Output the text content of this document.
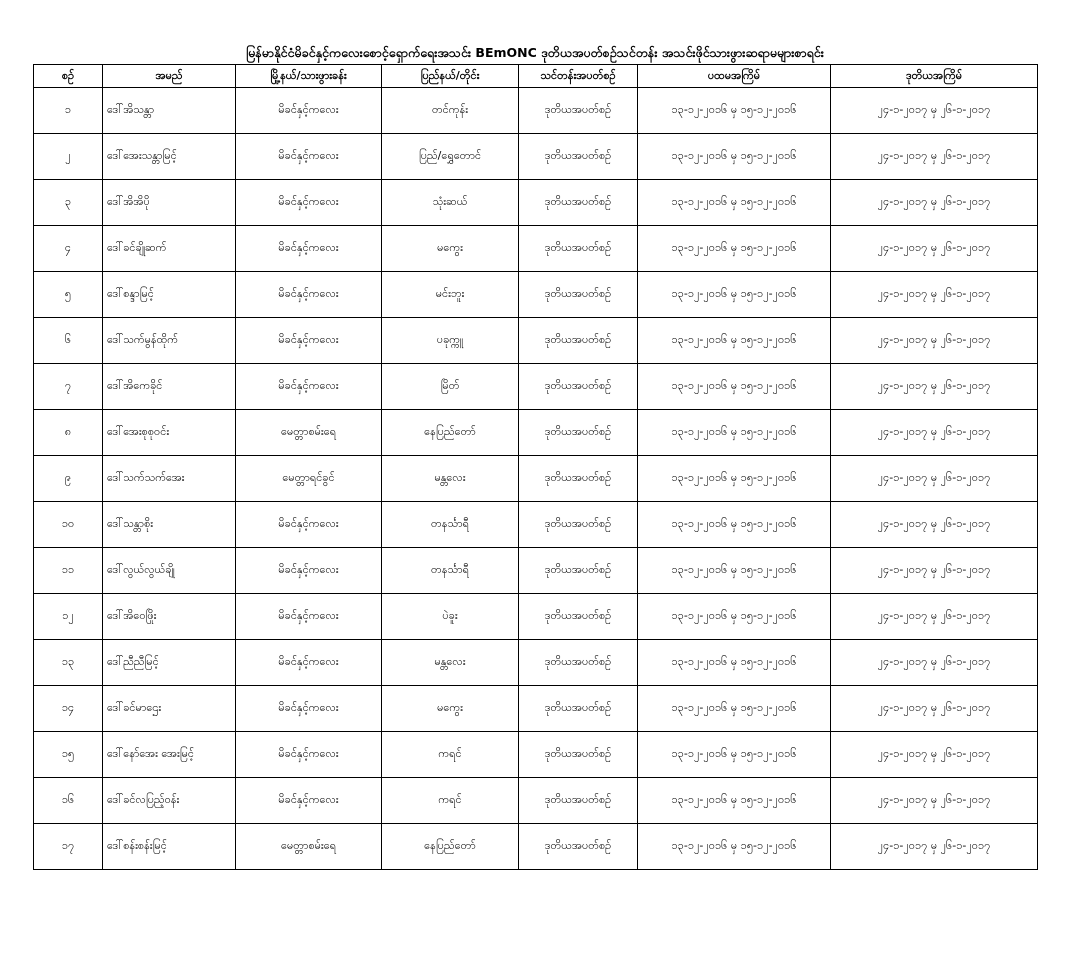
မြန်မာနိုင်ငံမိခင်နှင့်ကလေးစောင့်ရှောက်ရေးအသင်း BEmONC ဒုတိယအပတ်စဉ်သင်တန်း အသင်းဖိုင်သားဖွားဆရာမများစာရင်း
စဉ်	အမည်	မြို့နယ်/သားဖွားခန်း	ပြည်နယ်/တိုင်း	သင်တန်းအပတ်စဉ်	ပထမအကြိမ်	ဒုတိယအကြိမ်
၁	ဒေါ်အိသန္တာ	မိခင်နှင့်ကလေး	တင်ကုန်း	ဒုတိယအပတ်စဉ်	၁၃-၁၂-၂၀၁၆ မှ ၁၅-၁၂-၂၀၁၆	၂၄-၁-၂၀၁၇ မှ ၂၆-၁-၂၀၁၇
၂	ဒေါ်အေးသန္တာမြင့်	မိခင်နှင့်ကလေး	ပြည်/ရွှေတောင်	ဒုတိယအပတ်စဉ်	၁၃-၁၂-၂၀၁၆ မှ ၁၅-၁၂-၂၀၁၆	၂၄-၁-၂၀၁၇ မှ ၂၆-၁-၂၀၁၇
၃	ဒေါ်အိအိပို	မိခင်နှင့်ကလေး	သုံးဆယ်	ဒုတိယအပတ်စဉ်	၁၃-၁၂-၂၀၁၆ မှ ၁၅-၁၂-၂၀၁၆	၂၄-၁-၂၀၁၇ မှ ၂၆-၁-၂၀၁၇
၄	ဒေါ်ခင်ချိုဆက်	မိခင်နှင့်ကလေး	မကွေး	ဒုတိယအပတ်စဉ်	၁၃-၁၂-၂၀၁၆ မှ ၁၅-၁၂-၂၀၁၆	၂၄-၁-၂၀၁၇ မှ ၂၆-၁-၂၀၁၇
၅	ဒေါ်စန္ဒာမြင့်	မိခင်နှင့်ကလေး	မင်းဘူး	ဒုတိယအပတ်စဉ်	၁၃-၁၂-၂၀၁၆ မှ ၁၅-၁၂-၂၀၁၆	၂၄-၁-၂၀၁၇ မှ ၂၆-၁-၂၀၁၇
၆	ဒေါ်သက်မွန်ထိုက်	မိခင်နှင့်ကလေး	ပခုက္ကူ	ဒုတိယအပတ်စဉ်	၁၃-၁၂-၂၀၁၆ မှ ၁၅-၁၂-၂၀၁၆	၂၄-၁-၂၀၁၇ မှ ၂၆-၁-၂၀၁၇
၇	ဒေါ်အိကေခိုင်	မိခင်နှင့်ကလေး	မြိတ်	ဒုတိယအပတ်စဉ်	၁၃-၁၂-၂၀၁၆ မှ ၁၅-၁၂-၂၀၁၆	၂၄-၁-၂၀၁၇ မှ ၂၆-၁-၂၀၁၇
၈	ဒေါ်အေးစုစုဝင်း	မေတ္တာစမ်းရေ	နေပြည်တော်	ဒုတိယအပတ်စဉ်	၁၃-၁၂-၂၀၁၆ မှ ၁၅-၁၂-၂၀၁၆	၂၄-၁-၂၀၁၇ မှ ၂၆-၁-၂၀၁၇
၉	ဒေါ်သက်သက်အေး	မေတ္တာရင်ခွင်	မန္တလေး	ဒုတိယအပတ်စဉ်	၁၃-၁၂-၂၀၁၆ မှ ၁၅-၁၂-၂၀၁၆	၂၄-၁-၂၀၁၇ မှ ၂၆-၁-၂၀၁၇
၁၀	ဒေါ်သန္တာစိုး	မိခင်နှင့်ကလေး	တနင်္သာရီ	ဒုတိယအပတ်စဉ်	၁၃-၁၂-၂၀၁၆ မှ ၁၅-၁၂-၂၀၁၆	၂၄-၁-၂၀၁၇ မှ ၂၆-၁-၂၀၁၇
၁၁	ဒေါ်လွယ်လွယ်ချို	မိခင်နှင့်ကလေး	တနင်္သာရီ	ဒုတိယအပတ်စဉ်	၁၃-၁၂-၂၀၁၆ မှ ၁၅-၁၂-၂၀၁၆	၂၄-၁-၂၀၁၇ မှ ၂၆-၁-၂၀၁၇
၁၂	ဒေါ်အိဝေဖြိုး	မိခင်နှင့်ကလေး	ပဲခူး	ဒုတိယအပတ်စဉ်	၁၃-၁၂-၂၀၁၆ မှ ၁၅-၁၂-၂၀၁၆	၂၄-၁-၂၀၁၇ မှ ၂၆-၁-၂၀၁၇
၁၃	ဒေါ်ညီညီမြင့်	မိခင်နှင့်ကလေး	မန္တလေး	ဒုတိယအပတ်စဉ်	၁၃-၁၂-၂၀၁၆ မှ ၁၅-၁၂-၂၀၁၆	၂၄-၁-၂၀၁၇ မှ ၂၆-၁-၂၀၁၇
၁၄	ဒေါ်ခင်မာဌေး	မိခင်နှင့်ကလေး	မကွေး	ဒုတိယအပတ်စဉ်	၁၃-၁၂-၂၀၁၆ မှ ၁၅-၁၂-၂၀၁၆	၂၄-၁-၂၀၁၇ မှ ၂၆-၁-၂၀၁၇
၁၅	ဒေါ်နော်အေး အေးမြင့်	မိခင်နှင့်ကလေး	ကရင်	ဒုတိယအပတ်စဉ်	၁၃-၁၂-၂၀၁၆ မှ ၁၅-၁၂-၂၀၁၆	၂၄-၁-၂၀၁၇ မှ ၂၆-၁-၂၀၁၇
၁၆	ဒေါ်ခင်လပြည့်ဝန်း	မိခင်နှင့်ကလေး	ကရင်	ဒုတိယအပတ်စဉ်	၁၃-၁၂-၂၀၁၆ မှ ၁၅-၁၂-၂၀၁၆	၂၄-၁-၂၀၁၇ မှ ၂၆-၁-၂၀၁၇
၁၇	ဒေါ်စန်းစန်းမြင့်	မေတ္တာစမ်းရေ	နေပြည်တော်	ဒုတိယအပတ်စဉ်	၁၃-၁၂-၂၀၁၆ မှ ၁၅-၁၂-၂၀၁၆	၂၄-၁-၂၀၁၇ မှ ၂၆-၁-၂၀၁၇
